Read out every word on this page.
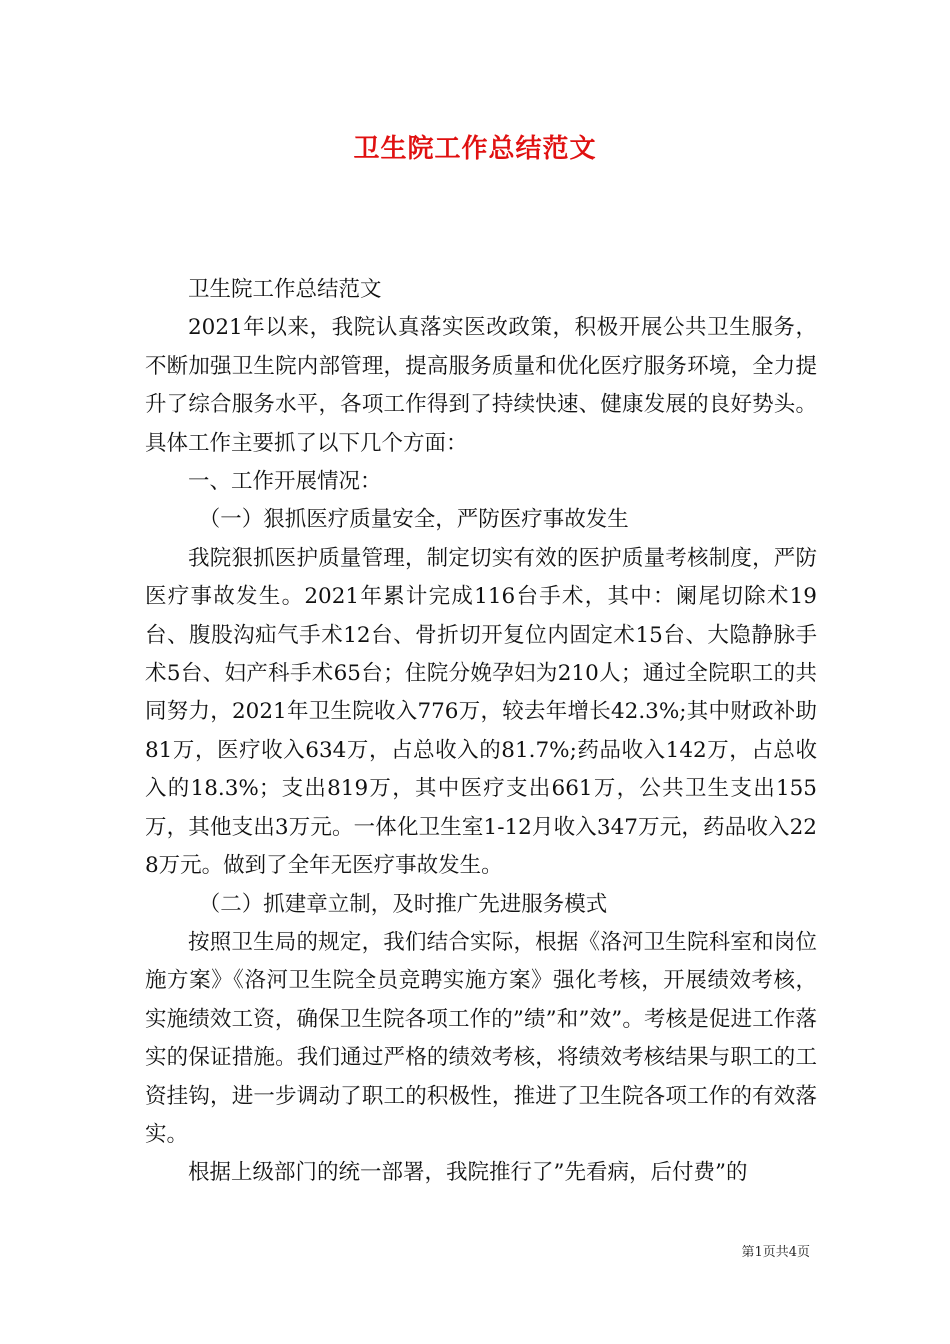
卫生院工作总结范文

卫生院工作总结范文

2021年以来，我院认真落实医改政策，积极开展公共卫生服务，不断加强卫生院内部管理，提高服务质量和优化医疗服务环境，全力提升了综合服务水平，各项工作得到了持续快速、健康发展的良好势头。具体工作主要抓了以下几个方面：

一、工作开展情况：

（一）狠抓医疗质量安全，严防医疗事故发生

我院狠抓医护质量管理，制定切实有效的医护质量考核制度，严防医疗事故发生。2021年累计完成116台手术，其中：阑尾切除术19台、腹股沟疝气手术12台、骨折切开复位内固定术15台、大隐静脉手术5台、妇产科手术65台；住院分娩孕妇为210人；通过全院职工的共同努力，2021年卫生院收入776万，较去年增长42.3%;其中财政补助81万，医疗收入634万，占总收入的81.7%;药品收入142万，占总收入的18.3%；支出819万，其中医疗支出661万，公共卫生支出155万，其他支出3万元。一体化卫生室1-12月收入347万元，药品收入228万元。做到了全年无医疗事故发生。

（二）抓建章立制，及时推广先进服务模式

按照卫生局的规定，我们结合实际，根据《洛河卫生院科室和岗位施方案》《洛河卫生院全员竞聘实施方案》强化考核，开展绩效考核，实施绩效工资，确保卫生院各项工作的”绩”和”效”。考核是促进工作落实的保证措施。我们通过严格的绩效考核，将绩效考核结果与职工的工资挂钩，进一步调动了职工的积极性，推进了卫生院各项工作的有效落实。

根据上级部门的统一部署，我院推行了”先看病，后付费”的

第1页共4页
